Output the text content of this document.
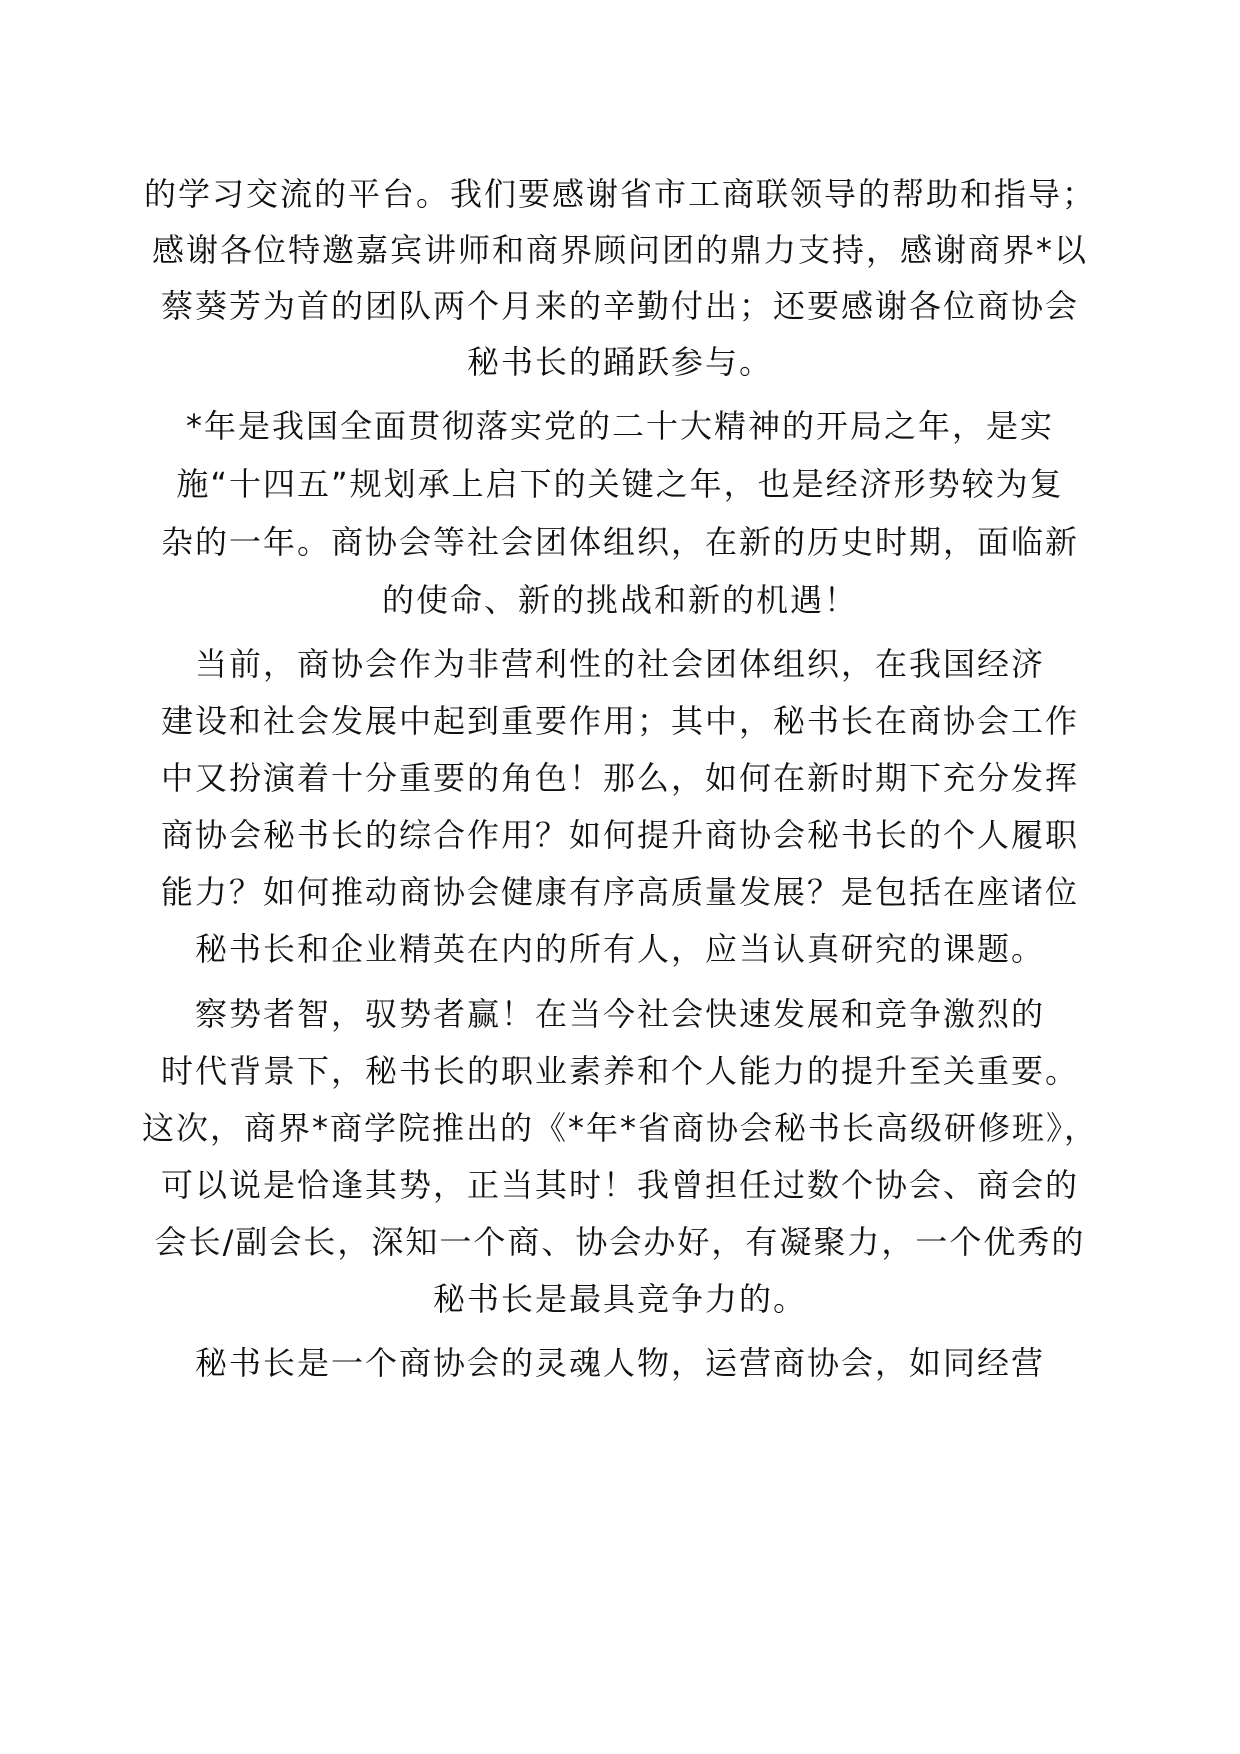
的学习交流的平台。我们要感谢省市工商联领导的帮助和指导；
感谢各位特邀嘉宾讲师和商界顾问团的鼎力支持，感谢商界*以
蔡葵芳为首的团队两个月来的辛勤付出；还要感谢各位商协会
秘书长的踊跃参与。
*年是我国全面贯彻落实党的二十大精神的开局之年，是实
施“十四五”规划承上启下的关键之年，也是经济形势较为复
杂的一年。商协会等社会团体组织，在新的历史时期，面临新
的使命、新的挑战和新的机遇！
当前，商协会作为非营利性的社会团体组织，在我国经济
建设和社会发展中起到重要作用；其中，秘书长在商协会工作
中又扮演着十分重要的角色！那么，如何在新时期下充分发挥
商协会秘书长的综合作用？如何提升商协会秘书长的个人履职
能力？如何推动商协会健康有序高质量发展？是包括在座诸位
秘书长和企业精英在内的所有人，应当认真研究的课题。
察势者智，驭势者赢！在当今社会快速发展和竞争激烈的
时代背景下，秘书长的职业素养和个人能力的提升至关重要。
这次，商界*商学院推出的《*年*省商协会秘书长高级研修班》，
可以说是恰逢其势，正当其时！我曾担任过数个协会、商会的
会长/副会长，深知一个商、协会办好，有凝聚力，一个优秀的
秘书长是最具竞争力的。
秘书长是一个商协会的灵魂人物，运营商协会，如同经营
